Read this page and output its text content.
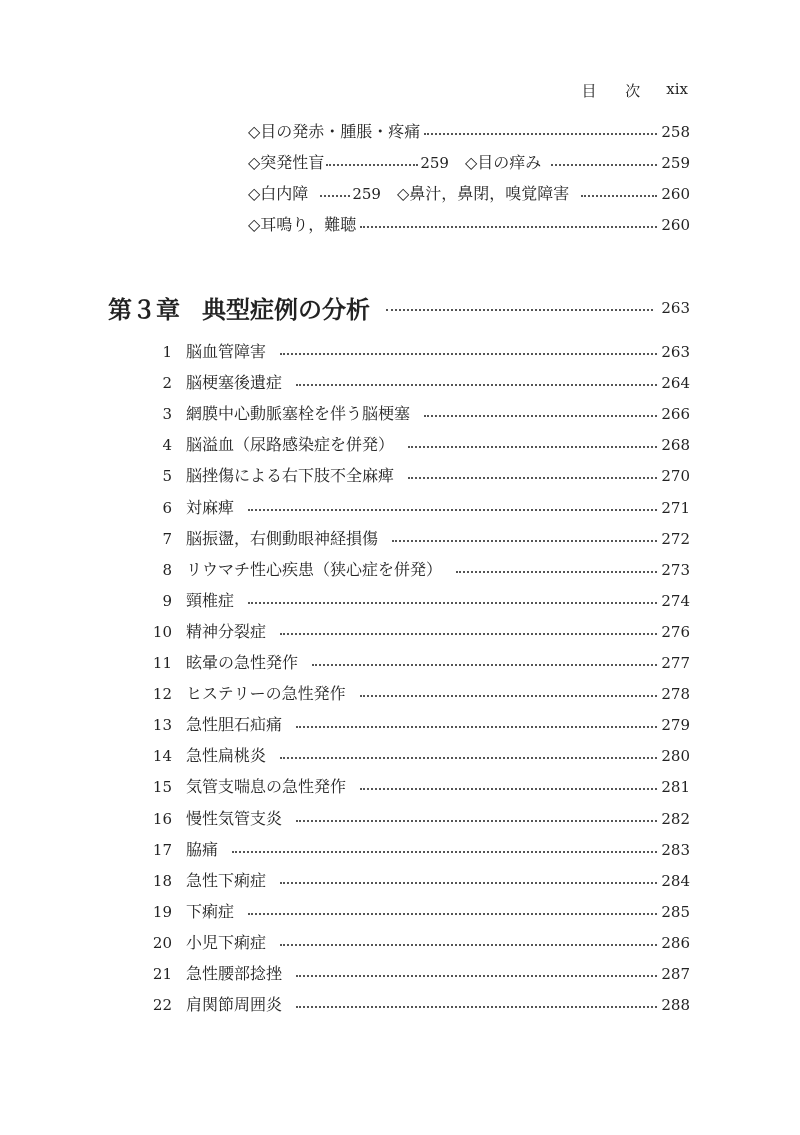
目 次 xix
◇目の発赤・腫脹・疼痛	258
◇突発性盲	259 ◇目の痒み	259
◇白内障	259 ◇鼻汁，鼻閉，嗅覚障害	260
◇耳鳴り，難聴	260
第３章 典型症例の分析	263
1 脳血管障害	263
2 脳梗塞後遺症	264
3 網膜中心動脈塞栓を伴う脳梗塞	266
4 脳溢血（尿路感染症を併発）	268
5 脳挫傷による右下肢不全麻痺	270
6 対麻痺	271
7 脳振盪，右側動眼神経損傷	272
8 リウマチ性心疾患（狭心症を併発）	273
9 頸椎症	274
10 精神分裂症	276
11 眩暈の急性発作	277
12 ヒステリーの急性発作	278
13 急性胆石疝痛	279
14 急性扁桃炎	280
15 気管支喘息の急性発作	281
16 慢性気管支炎	282
17 脇痛	283
18 急性下痢症	284
19 下痢症	285
20 小児下痢症	286
21 急性腰部捻挫	287
22 肩関節周囲炎	288
